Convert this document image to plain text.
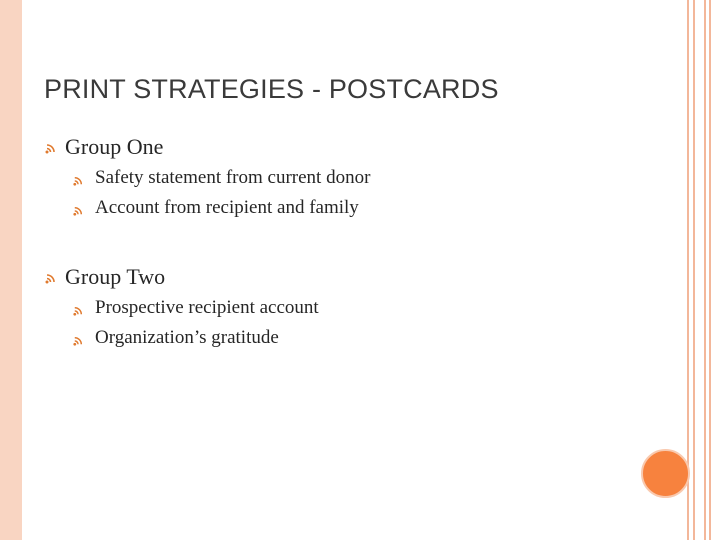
PRINT STRATEGIES - POSTCARDS
Group One
Safety statement from current donor
Account from recipient and family
Group Two
Prospective recipient account
Organization’s gratitude
